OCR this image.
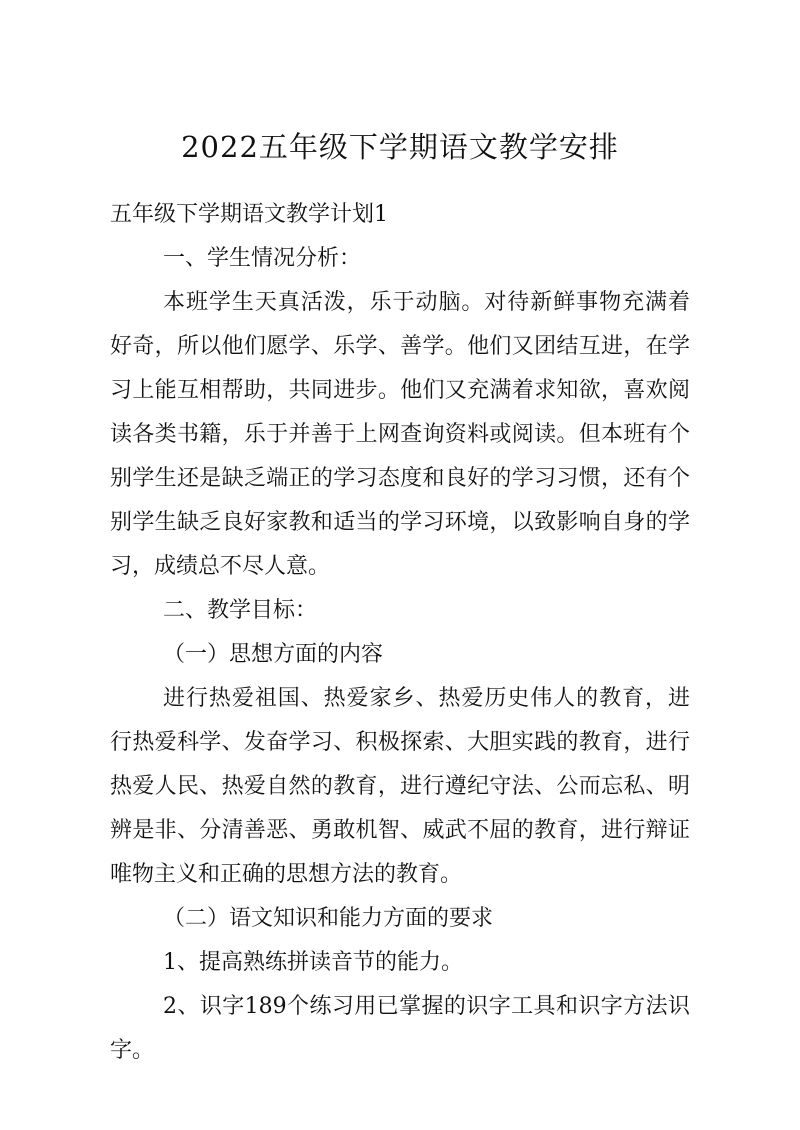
2022五年级下学期语文教学安排

五年级下学期语文教学计划1

一、学生情况分析：

本班学生天真活泼，乐于动脑。对待新鲜事物充满着好奇，所以他们愿学、乐学、善学。他们又团结互进，在学习上能互相帮助，共同进步。他们又充满着求知欲，喜欢阅读各类书籍，乐于并善于上网查询资料或阅读。但本班有个别学生还是缺乏端正的学习态度和良好的学习习惯，还有个别学生缺乏良好家教和适当的学习环境，以致影响自身的学习，成绩总不尽人意。

二、教学目标：

（一）思想方面的内容

进行热爱祖国、热爱家乡、热爱历史伟人的教育，进行热爱科学、发奋学习、积极探索、大胆实践的教育，进行热爱人民、热爱自然的教育，进行遵纪守法、公而忘私、明辨是非、分清善恶、勇敢机智、威武不屈的教育，进行辩证唯物主义和正确的思想方法的教育。

（二）语文知识和能力方面的要求

1、提高熟练拼读音节的能力。

2、识字189个练习用已掌握的识字工具和识字方法识字。
